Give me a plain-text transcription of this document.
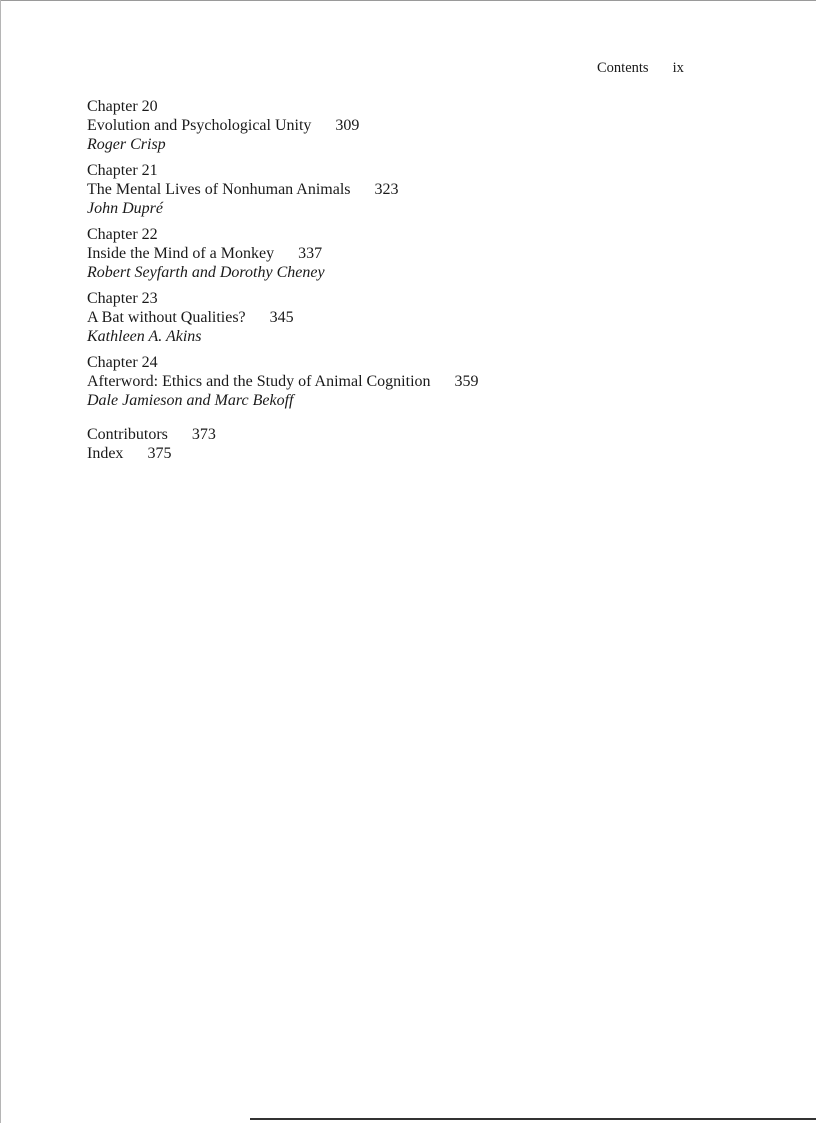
Contents ix
Chapter 20
Evolution and Psychological Unity 309
Roger Crisp
Chapter 21
The Mental Lives of Nonhuman Animals 323
John Dupré
Chapter 22
Inside the Mind of a Monkey 337
Robert Seyfarth and Dorothy Cheney
Chapter 23
A Bat without Qualities? 345
Kathleen A. Akins
Chapter 24
Afterword: Ethics and the Study of Animal Cognition 359
Dale Jamieson and Marc Bekoff
Contributors 373
Index 375
